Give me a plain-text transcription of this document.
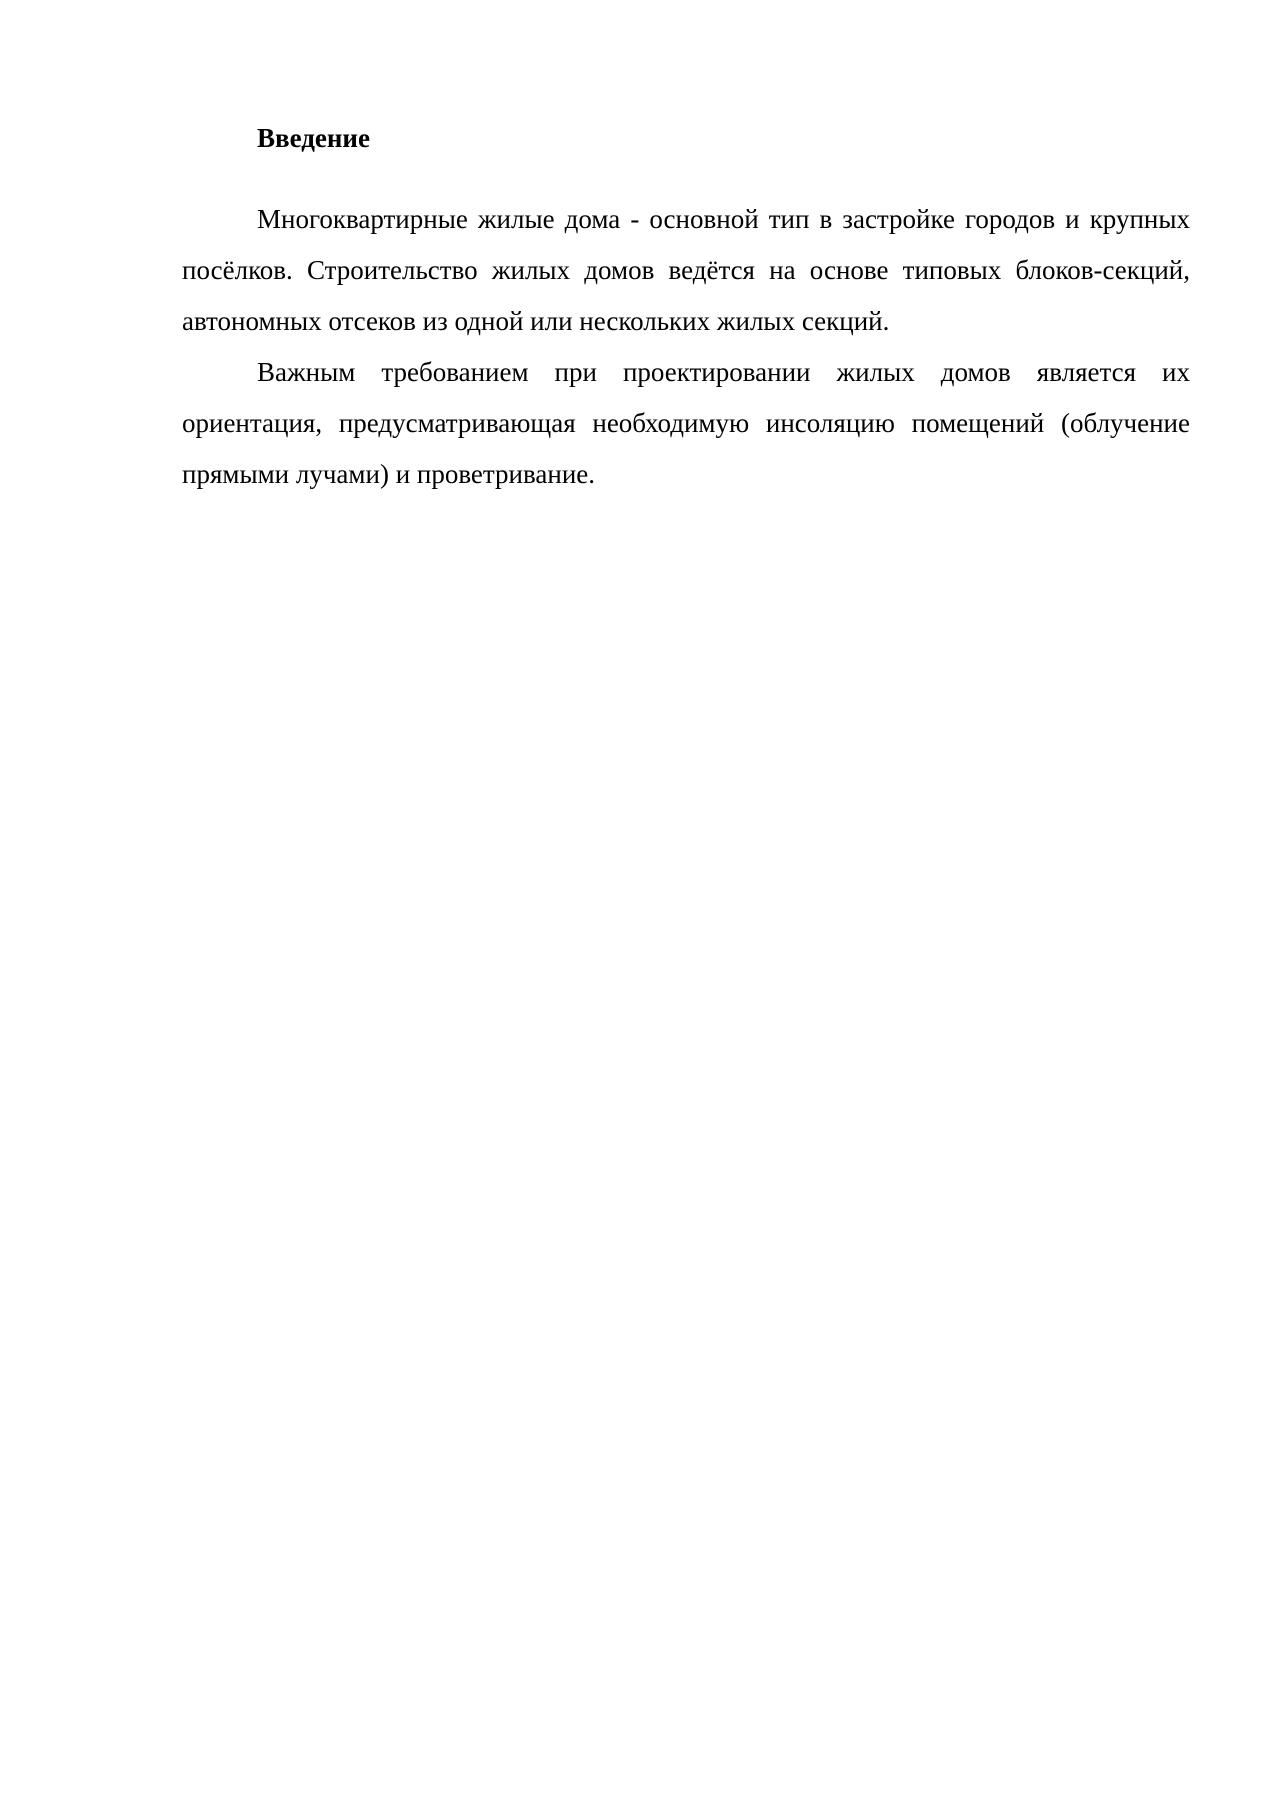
Введение

Многоквартирные жилые дома - основной тип в застройке городов и крупных посёлков. Строительство жилых домов ведётся на основе типовых блоков-секций, автономных отсеков из одной или нескольких жилых секций.

Важным требованием при проектировании жилых домов является их ориентация, предусматривающая необходимую инсоляцию помещений (облучение прямыми лучами) и проветривание.
